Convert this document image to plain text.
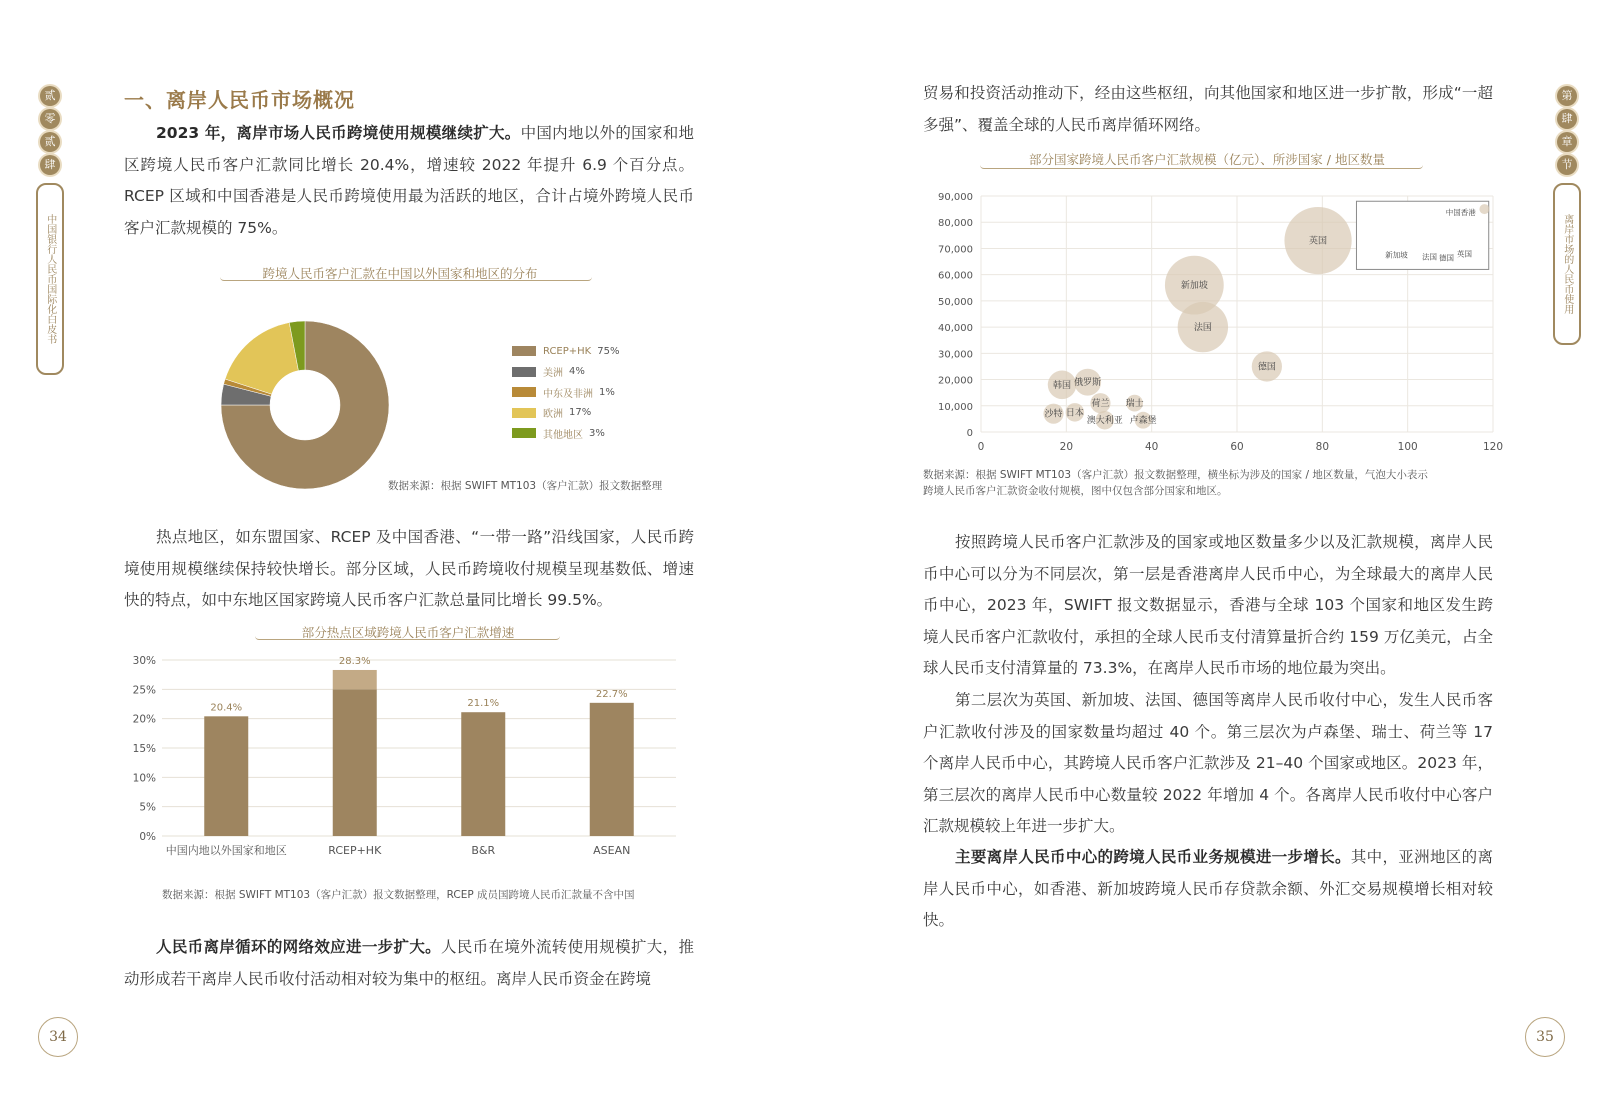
贰
零
贰
肆
中国银行人民币国际化白皮书
一、离岸人民币市场概况

2023 年，离岸市场人民币跨境使用规模继续扩大。中国内地以外的国家和地区跨境人民币客户汇款同比增长 20.4%，增速较 2022 年提升 6.9 个百分点。RCEP 区域和中国香港是人民币跨境使用最为活跃的地区，合计占境外跨境人民币客户汇款规模的 75%。

跨境人民币客户汇款在中国以外国家和地区的分布
RCEP+HK 75%
美洲 4%
中东及非洲 1%
欧洲 17%
其他地区 3%
数据来源：根据 SWIFT MT103（客户汇款）报文数据整理

热点地区，如东盟国家、RCEP 及中国香港、“一带一路”沿线国家，人民币跨境使用规模继续保持较快增长。部分区域，人民币跨境收付规模呈现基数低、增速快的特点，如中东地区国家跨境人民币客户汇款总量同比增长 99.5%。

部分热点区域跨境人民币客户汇款增速
0%
5%
10%
15%
20%
25%
30%
20.4%
中国内地以外国家和地区
28.3%
RCEP+HK
21.1%
B&R
22.7%
ASEAN
数据来源：根据 SWIFT MT103（客户汇款）报文数据整理，RCEP 成员国跨境人民币汇款量不含中国

人民币离岸循环的网络效应进一步扩大。人民币在境外流转使用规模扩大，推动形成若干离岸人民币收付活动相对较为集中的枢纽。离岸人民币资金在跨境

34

贸易和投资活动推动下，经由这些枢纽，向其他国家和地区进一步扩散，形成“一超多强”、覆盖全球的人民币离岸循环网络。

部分国家跨境人民币客户汇款规模（亿元）、所涉国家 / 地区数量
0
10,000
20,000
30,000
40,000
50,000
60,000
70,000
80,000
90,000
0	20	40	60	80	100	120
英国
新加坡
法国
德国
韩国 俄罗斯
荷兰 瑞士
沙特 日本
澳大利亚 卢森堡
中国香港
新加坡 法国 德国 英国
数据来源：根据 SWIFT MT103（客户汇款）报文数据整理，横坐标为涉及的国家 / 地区数量，气泡大小表示
跨境人民币客户汇款资金收付规模，图中仅包含部分国家和地区。

按照跨境人民币客户汇款涉及的国家或地区数量多少以及汇款规模，离岸人民币中心可以分为不同层次，第一层是香港离岸人民币中心，为全球最大的离岸人民币中心，2023 年，SWIFT 报文数据显示，香港与全球 103 个国家和地区发生跨境人民币客户汇款收付，承担的全球人民币支付清算量折合约 159 万亿美元，占全球人民币支付清算量的 73.3%，在离岸人民币市场的地位最为突出。

第二层次为英国、新加坡、法国、德国等离岸人民币收付中心，发生人民币客户汇款收付涉及的国家数量均超过 40 个。第三层次为卢森堡、瑞士、荷兰等 17 个离岸人民币中心，其跨境人民币客户汇款涉及 21–40 个国家或地区。2023 年，第三层次的离岸人民币中心数量较 2022 年增加 4 个。各离岸人民币收付中心客户汇款规模较上年进一步扩大。

主要离岸人民币中心的跨境人民币业务规模进一步增长。其中，亚洲地区的离岸人民币中心，如香港、新加坡跨境人民币存贷款余额、外汇交易规模增长相对较快。

第
肆
章
节
离岸市场的人民币使用
35
